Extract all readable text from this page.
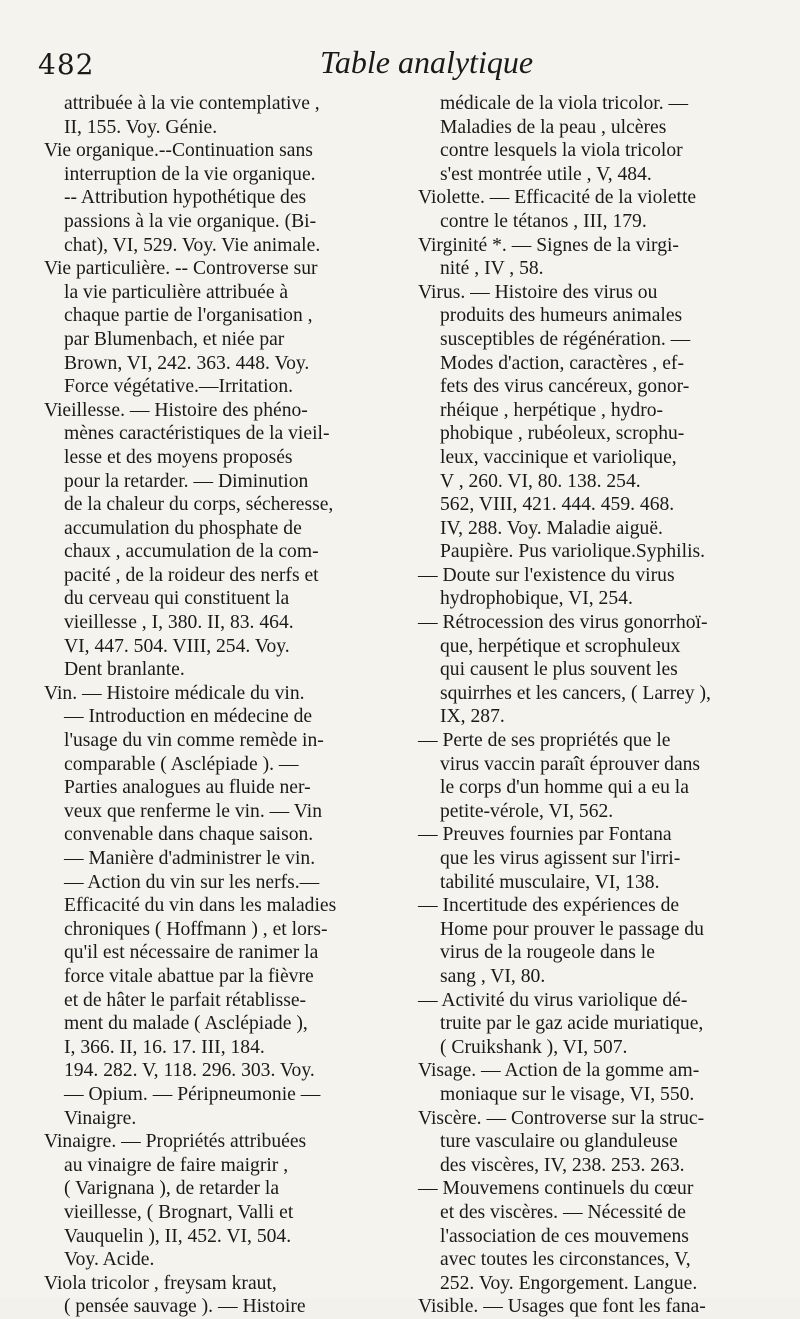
482	Table analytique
attribuée à la vie contemplative ,
II, 155. Voy. Génie.
Vie organique.--Continuation sans
interruption de la vie organique.
-- Attribution hypothétique des
passions à la vie organique. (Bi-
chat), VI, 529. Voy. Vie animale.
Vie particulière. -- Controverse sur
la vie particulière attribuée à
chaque partie de l'organisation ,
par Blumenbach, et niée par
Brown, VI, 242. 363. 448. Voy.
Force végétative.—Irritation.
Vieillesse. — Histoire des phéno-
mènes caractéristiques de la vieil-
lesse et des moyens proposés
pour la retarder. — Diminution
de la chaleur du corps, sécheresse,
accumulation du phosphate de
chaux , accumulation de la com-
pacité , de la roideur des nerfs et
du cerveau qui constituent la
vieillesse , I, 380. II, 83. 464.
VI, 447. 504. VIII, 254. Voy.
Dent branlante.
Vin. — Histoire médicale du vin.
— Introduction en médecine de
l'usage du vin comme remède in-
comparable ( Asclépiade ). —
Parties analogues au fluide ner-
veux que renferme le vin. — Vin
convenable dans chaque saison.
— Manière d'administrer le vin.
— Action du vin sur les nerfs.—
Efficacité du vin dans les maladies
chroniques ( Hoffmann ) , et lors-
qu'il est nécessaire de ranimer la
force vitale abattue par la fièvre
et de hâter le parfait rétablisse-
ment du malade ( Asclépiade ),
I, 366. II, 16. 17. III, 184.
194. 282. V, 118. 296. 303. Voy.
— Opium. — Péripneumonie —
Vinaigre.
Vinaigre. — Propriétés attribuées
au vinaigre de faire maigrir ,
( Varignana ), de retarder la
vieillesse, ( Brognart, Valli et
Vauquelin ), II, 452. VI, 504.
Voy. Acide.
Viola tricolor , freysam kraut,
( pensée sauvage ). — Histoire
médicale de la viola tricolor. —
Maladies de la peau , ulcères
contre lesquels la viola tricolor
s'est montrée utile , V, 484.
Violette. — Efficacité de la violette
contre le tétanos , III, 179.
Virginité *. — Signes de la virgi-
nité , IV , 58.
Virus. — Histoire des virus ou
produits des humeurs animales
susceptibles de régénération. —
Modes d'action, caractères , ef-
fets des virus cancéreux, gonor-
rhéique , herpétique , hydro-
phobique , rubéoleux, scrophu-
leux, vaccinique et variolique,
V , 260. VI, 80. 138. 254.
562, VIII, 421. 444. 459. 468.
IV, 288. Voy. Maladie aiguë.
Paupière. Pus variolique.Syphilis.
— Doute sur l'existence du virus
hydrophobique, VI, 254.
— Rétrocession des virus gonorrhoï-
que, herpétique et scrophuleux
qui causent le plus souvent les
squirrhes et les cancers, ( Larrey ),
IX, 287.
— Perte de ses propriétés que le
virus vaccin paraît éprouver dans
le corps d'un homme qui a eu la
petite-vérole, VI, 562.
— Preuves fournies par Fontana
que les virus agissent sur l'irri-
tabilité musculaire, VI, 138.
— Incertitude des expériences de
Home pour prouver le passage du
virus de la rougeole dans le
sang , VI, 80.
— Activité du virus variolique dé-
truite par le gaz acide muriatique,
( Cruikshank ), VI, 507.
Visage. — Action de la gomme am-
moniaque sur le visage, VI, 550.
Viscère. — Controverse sur la struc-
ture vasculaire ou glanduleuse
des viscères, IV, 238. 253. 263.
— Mouvemens continuels du cœur
et des viscères. — Nécessité de
l'association de ces mouvemens
avec toutes les circonstances, V,
252. Voy. Engorgement. Langue.
Visible. — Usages que font les fana-
